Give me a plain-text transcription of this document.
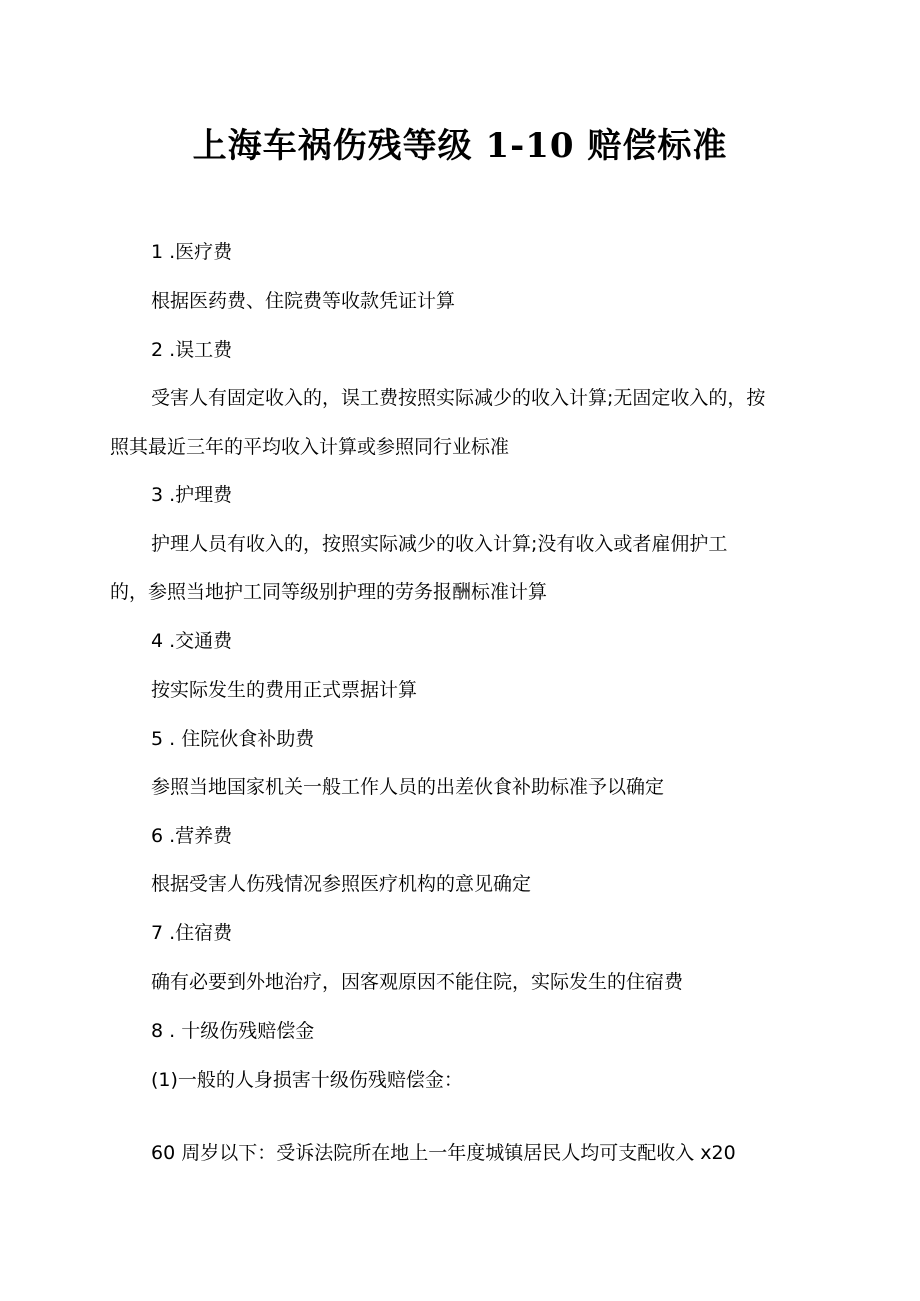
上海车祸伤残等级 1-10 赔偿标准
1 .医疗费
根据医药费、住院费等收款凭证计算
2 .误工费
受害人有固定收入的，误工费按照实际减少的收入计算;无固定收入的，按
照其最近三年的平均收入计算或参照同行业标准
3 .护理费
护理人员有收入的，按照实际减少的收入计算;没有收入或者雇佣护工
的，参照当地护工同等级别护理的劳务报酬标准计算
4 .交通费
按实际发生的费用正式票据计算
5 . 住院伙食补助费
参照当地国家机关一般工作人员的出差伙食补助标准予以确定
6 .营养费
根据受害人伤残情况参照医疗机构的意见确定
7 .住宿费
确有必要到外地治疗，因客观原因不能住院，实际发生的住宿费
8 . 十级伤残赔偿金
(1)一般的人身损害十级伤残赔偿金：
60 周岁以下：受诉法院所在地上一年度城镇居民人均可支配收入 x20
